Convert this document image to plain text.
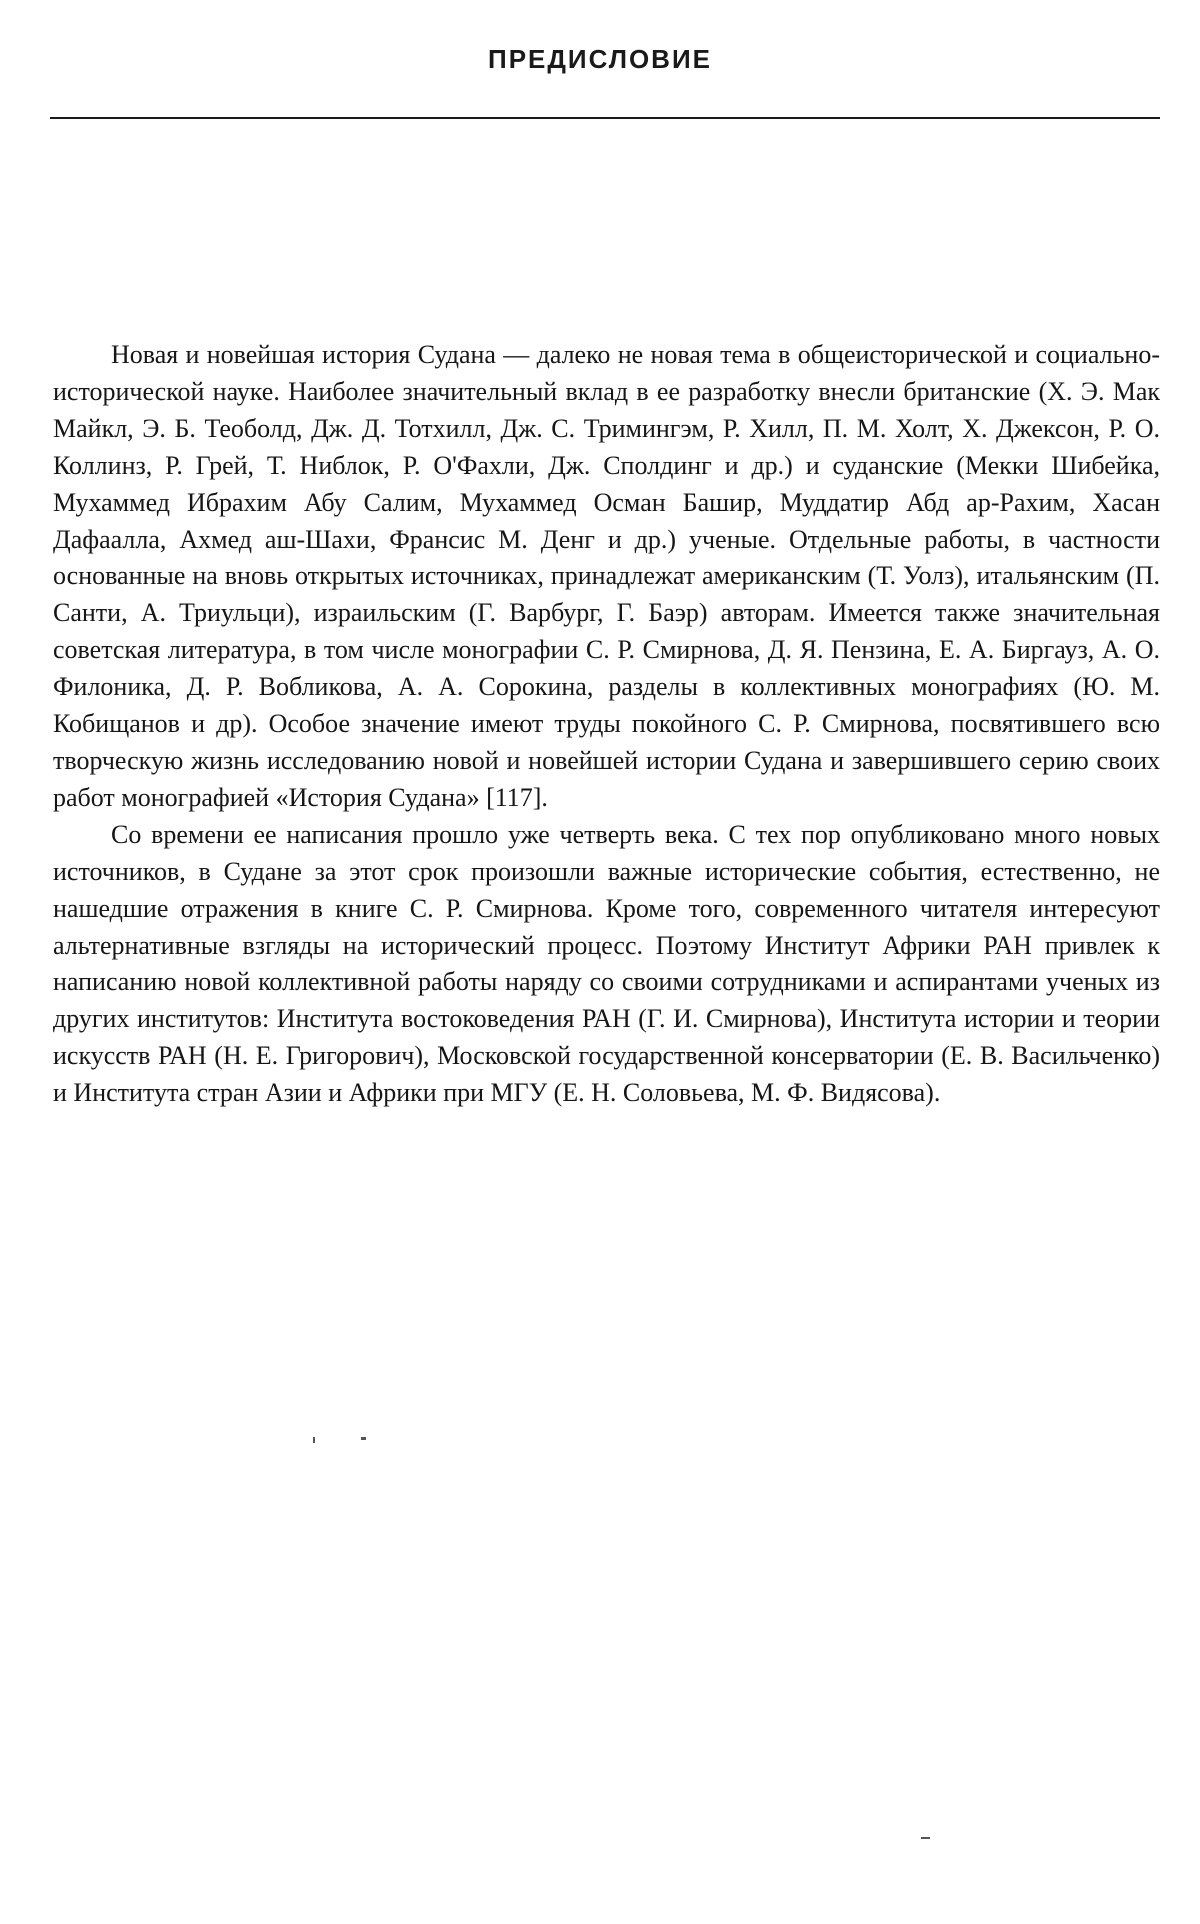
ПРЕДИСЛОВИЕ

Новая и новейшая история Судана — далеко не новая тема в общеисторической и социально-исторической науке. Наиболее значительный вклад в ее разработку внесли британские (Х. Э. Мак Майкл, Э. Б. Теоболд, Дж. Д. Тотхилл, Дж. С. Тримингэм, Р. Хилл, П. М. Холт, Х. Джексон, Р. О. Коллинз, Р. Грей, Т. Ниблок, Р. О'Фахли, Дж. Сполдинг и др.) и суданские (Мекки Шибейка, Мухаммед Ибрахим Абу Салим, Мухаммед Осман Башир, Муддатир Абд ар-Рахим, Хасан Дафаалла, Ахмед аш-Шахи, Франсис М. Денг и др.) ученые. Отдельные работы, в частности основанные на вновь открытых источниках, принадлежат американским (Т. Уолз), итальянским (П. Санти, А. Триульци), израильским (Г. Варбург, Г. Баэр) авторам. Имеется также значительная советская литература, в том числе монографии С. Р. Смирнова, Д. Я. Пензина, Е. А. Биргауз, А. О. Филоника, Д. Р. Вобликова, А. А. Сорокина, разделы в коллективных монографиях (Ю. М. Кобищанов и др). Особое значение имеют труды покойного С. Р. Смирнова, посвятившего всю творческую жизнь исследованию новой и новейшей истории Судана и завершившего серию своих работ монографией «История Судана» [117].

Со времени ее написания прошло уже четверть века. С тех пор опубликовано много новых источников, в Судане за этот срок произошли важные исторические события, естественно, не нашедшие отражения в книге С. Р. Смирнова. Кроме того, современного читателя интересуют альтернативные взгляды на исторический процесс. Поэтому Институт Африки РАН привлек к написанию новой коллективной работы наряду со своими сотрудниками и аспирантами ученых из других институтов: Института востоковедения РАН (Г. И. Смирнова), Института истории и теории искусств РАН (Н. Е. Григорович), Московской государственной консерватории (Е. В. Васильченко) и Института стран Азии и Африки при МГУ (Е. Н. Соловьева, М. Ф. Видясова).
